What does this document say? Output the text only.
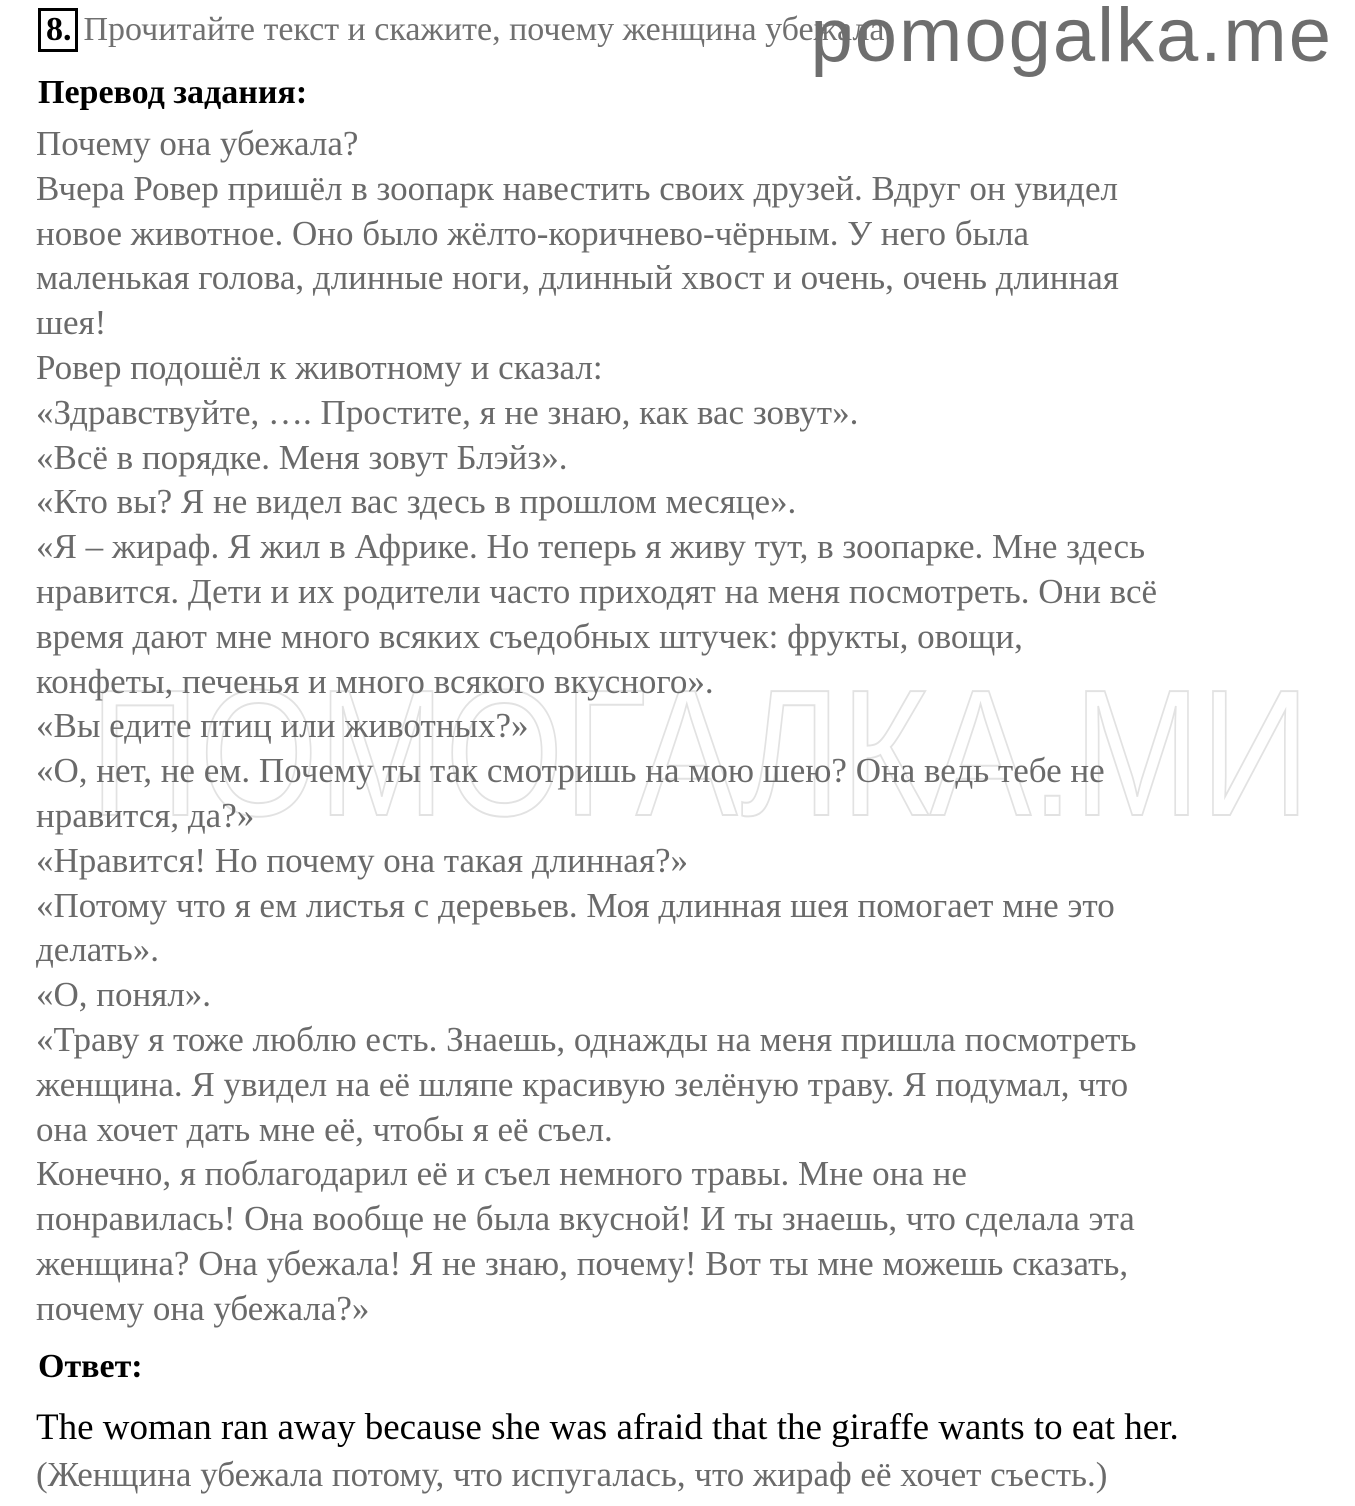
8. Прочитайте текст и скажите, почему женщина убежала.
pomogalka.me
ПОМОГАЛКА.МИ
Перевод задания:
Почему она убежала?
Вчера Ровер пришёл в зоопарк навестить своих друзей. Вдруг он увидел
новое животное. Оно было жёлто-коричнево-чёрным. У него была
маленькая голова, длинные ноги, длинный хвост и очень, очень длинная
шея!
Ровер подошёл к животному и сказал:
«Здравствуйте, …. Простите, я не знаю, как вас зовут».
«Всё в порядке. Меня зовут Блэйз».
«Кто вы? Я не видел вас здесь в прошлом месяце».
«Я – жираф. Я жил в Африке. Но теперь я живу тут, в зоопарке. Мне здесь
нравится. Дети и их родители часто приходят на меня посмотреть. Они всё
время дают мне много всяких съедобных штучек: фрукты, овощи,
конфеты, печенья и много всякого вкусного».
«Вы едите птиц или животных?»
«О, нет, не ем. Почему ты так смотришь на мою шею? Она ведь тебе не
нравится, да?»
«Нравится! Но почему она такая длинная?»
«Потому что я ем листья с деревьев. Моя длинная шея помогает мне это
делать».
«О, понял».
«Траву я тоже люблю есть. Знаешь, однажды на меня пришла посмотреть
женщина. Я увидел на её шляпе красивую зелёную траву. Я подумал, что
она хочет дать мне её, чтобы я её съел.
Конечно, я поблагодарил её и съел немного травы. Мне она не
понравилась! Она вообще не была вкусной! И ты знаешь, что сделала эта
женщина? Она убежала! Я не знаю, почему! Вот ты мне можешь сказать,
почему она убежала?»
Ответ:
The woman ran away because she was afraid that the giraffe wants to eat her.
(Женщина убежала потому, что испугалась, что жираф её хочет съесть.)
